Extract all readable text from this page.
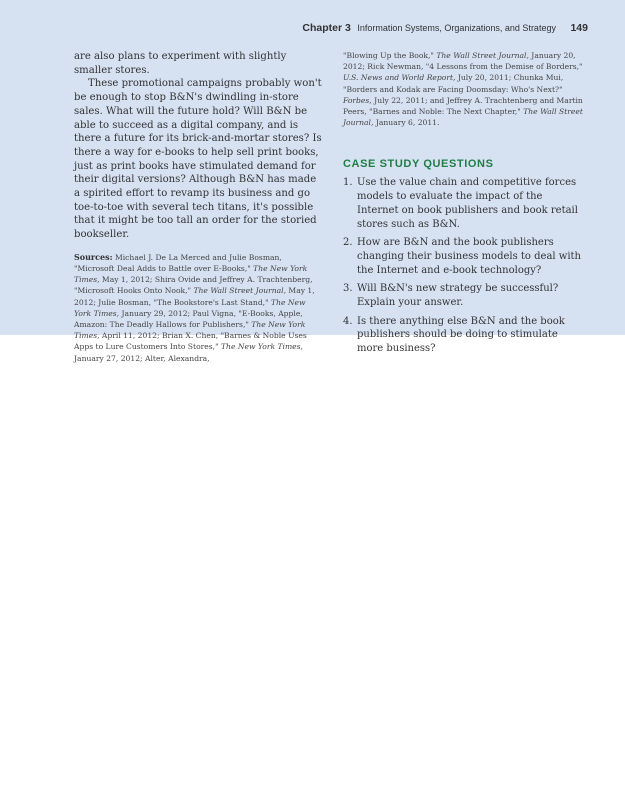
Chapter 3 Information Systems, Organizations, and Strategy 149

are also plans to experiment with slightly smaller stores.

These promotional campaigns probably won't be enough to stop B&N's dwindling in-store sales. What will the future hold? Will B&N be able to succeed as a digital company, and is there a future for its brick-and-mortar stores? Is there a way for e-books to help sell print books, just as print books have stimulated demand for their digital versions? Although B&N has made a spirited effort to revamp its business and go toe-to-toe with several tech titans, it's possible that it might be too tall an order for the storied bookseller.

Sources: Michael J. De La Merced and Julie Bosman, "Microsoft Deal Adds to Battle over E-Books," The New York Times, May 1, 2012; Shira Ovide and Jeffrey A. Trachtenberg, "Microsoft Hooks Onto Nook," The Wall Street Journal, May 1, 2012; Julie Bosman, "The Bookstore's Last Stand," The New York Times, January 29, 2012; Paul Vigna, "E-Books, Apple, Amazon: The Deadly Hallows for Publishers," The New York Times, April 11, 2012; Brian X. Chen, "Barnes & Noble Uses Apps to Lure Customers Into Stores," The New York Times, January 27, 2012; Alter, Alexandra,

"Blowing Up the Book," The Wall Street Journal, January 20, 2012; Rick Newman, "4 Lessons from the Demise of Borders," U.S. News and World Report, July 20, 2011; Chunka Mui, "Borders and Kodak are Facing Doomsday: Who's Next?" Forbes, July 22, 2011; and Jeffrey A. Trachtenberg and Martin Peers, "Barnes and Noble: The Next Chapter," The Wall Street Journal, January 6, 2011.

CASE STUDY QUESTIONS
1. Use the value chain and competitive forces models to evaluate the impact of the Internet on book publishers and book retail stores such as B&N.
2. How are B&N and the book publishers changing their business models to deal with the Internet and e-book technology?
3. Will B&N's new strategy be successful? Explain your answer.
4. Is there anything else B&N and the book publishers should be doing to stimulate more business?
